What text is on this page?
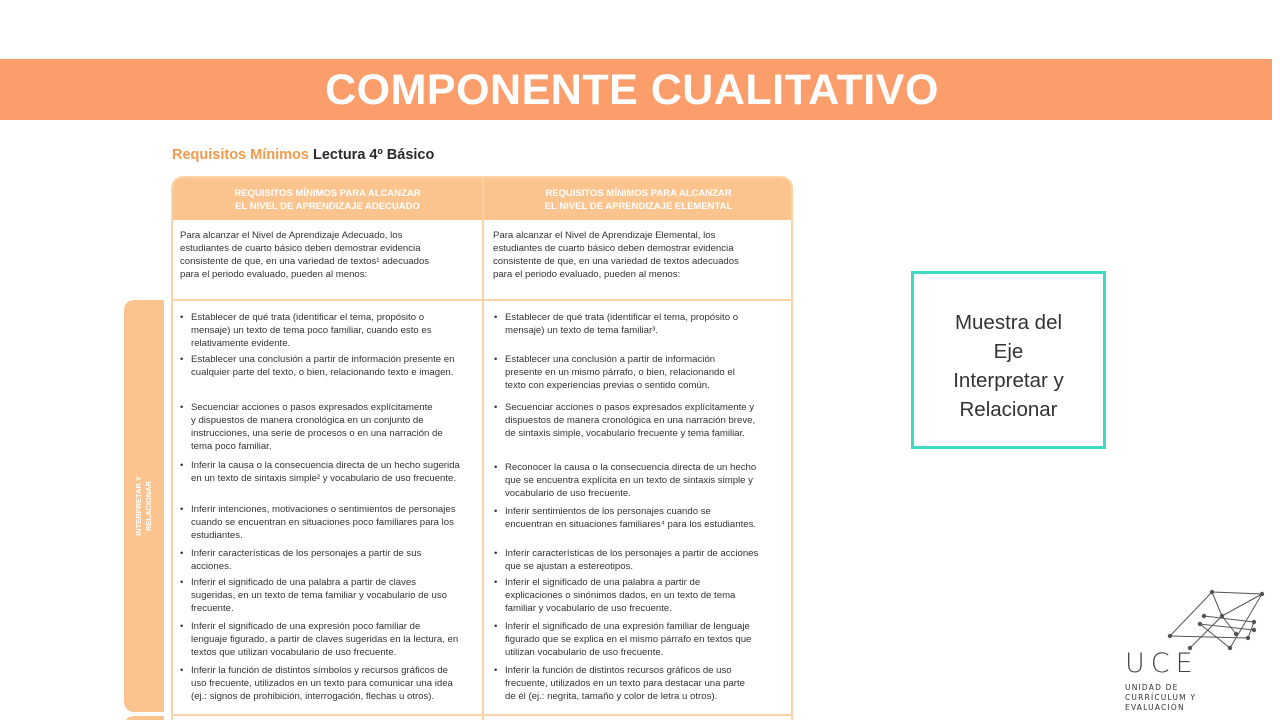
COMPONENTE CUALITATIVO
Requisitos Mínimos Lectura 4º Básico
INTERPRETAR Y RELACIONAR
REQUISITOS MÍNIMOS PARA ALCANZAR
EL NIVEL DE APRENDIZAJE ADECUADO
REQUISITOS MÍNIMOS PARA ALCANZAR
EL NIVEL DE APRENDIZAJE ELEMENTAL
Para alcanzar el Nivel de Aprendizaje Adecuado, los
estudiantes de cuarto básico deben demostrar evidencia
consistente de que, en una variedad de textos¹ adecuados
para el periodo evaluado, pueden al menos:
Para alcanzar el Nivel de Aprendizaje Elemental, los
estudiantes de cuarto básico deben demostrar evidencia
consistente de que, en una variedad de textos adecuados
para el periodo evaluado, pueden al menos:
• Establecer de qué trata (identificar el tema, propósito o
mensaje) un texto de tema poco familiar, cuando esto es
relativamente evidente.
• Establecer una conclusión a partir de información presente en
cualquier parte del texto, o bien, relacionando texto e imagen.
• Secuenciar acciones o pasos expresados explícitamente
y dispuestos de manera cronológica en un conjunto de
instrucciones, una serie de procesos o en una narración de
tema poco familiar.
• Inferir la causa o la consecuencia directa de un hecho sugerida
en un texto de sintaxis simple² y vocabulario de uso frecuente.
• Inferir intenciones, motivaciones o sentimientos de personajes
cuando se encuentran en situaciones poco familiares para los
estudiantes.
• Inferir características de los personajes a partir de sus
acciones.
• Inferir el significado de una palabra a partir de claves
sugeridas, en un texto de tema familiar y vocabulario de uso
frecuente.
• Inferir el significado de una expresión poco familiar de
lenguaje figurado, a partir de claves sugeridas en la lectura, en
textos que utilizan vocabulario de uso frecuente.
• Inferir la función de distintos símbolos y recursos gráficos de
uso frecuente, utilizados en un texto para comunicar una idea
(ej.: signos de prohibición, interrogación, flechas u otros).
• Establecer de qué trata (identificar el tema, propósito o
mensaje) un texto de tema familiar³.
• Establecer una conclusión a partir de información
presente en un mismo párrafo, o bien, relacionando el
texto con experiencias previas o sentido común.
• Secuenciar acciones o pasos expresados explícitamente y
dispuestos de manera cronológica en una narración breve,
de sintaxis simple, vocabulario frecuente y tema familiar.
• Reconocer la causa o la consecuencia directa de un hecho
que se encuentra explícita en un texto de sintaxis simple y
vocabulario de uso frecuente.
• Inferir sentimientos de los personajes cuando se
encuentran en situaciones familiares⁴ para los estudiantes.
• Inferir características de los personajes a partir de acciones
que se ajustan a estereotipos.
• Inferir el significado de una palabra a partir de
explicaciones o sinónimos dados, en un texto de tema
familiar y vocabulario de uso frecuente.
• Inferir el significado de una expresión familiar de lenguaje
figurado que se explica en el mismo párrafo en textos que
utilizan vocabulario de uso frecuente.
• Inferir la función de distintos recursos gráficos de uso
frecuente, utilizados en un texto para destacar una parte
de él (ej.: negrita, tamaño y color de letra u otros).
Muestra del
Eje
Interpretar y
Relacionar
UCE
UNIDAD DE
CURRÍCULUM Y
EVALUACIÓN
